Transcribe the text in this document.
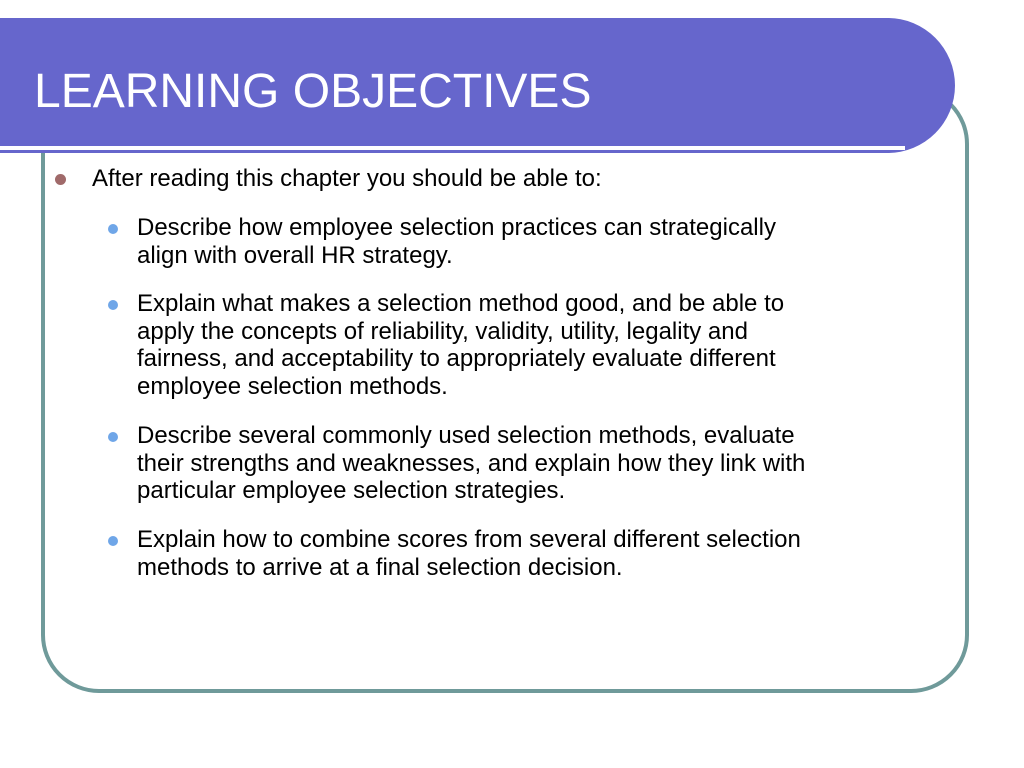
LEARNING OBJECTIVES
After reading this chapter you should be able to:
Describe how employee selection practices can strategically
align with overall HR strategy.
Explain what makes a selection method good, and be able to
apply the concepts of reliability, validity, utility, legality and
fairness, and acceptability to appropriately evaluate different
employee selection methods.
Describe several commonly used selection methods, evaluate
their strengths and weaknesses, and explain how they link with
particular employee selection strategies.
Explain how to combine scores from several different selection
methods to arrive at a final selection decision.
